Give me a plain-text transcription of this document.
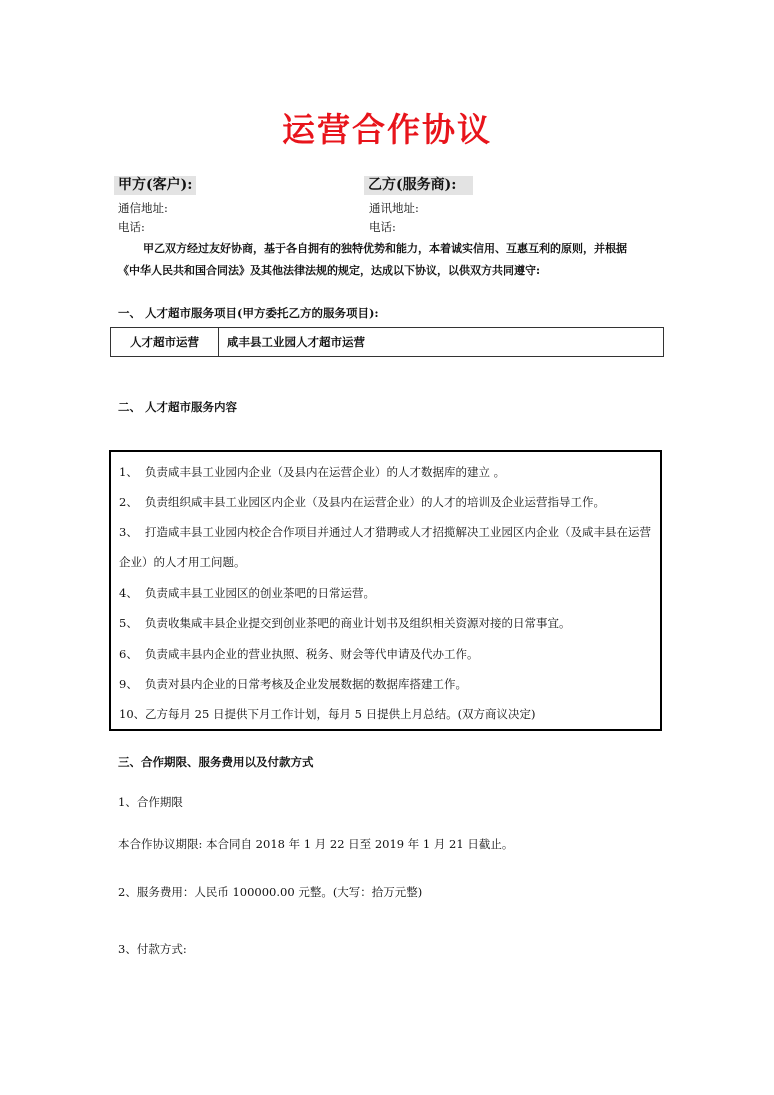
运营合作协议
甲方(客户):	乙方(服务商):
通信地址:	通讯地址:
电话:	电话:
甲乙双方经过友好协商，基于各自拥有的独特优势和能力，本着诚实信用、互惠互利的原则，并根据
《中华人民共和国合同法》及其他法律法规的规定，达成以下协议，以供双方共同遵守:
一、 人才超市服务项目(甲方委托乙方的服务项目):
人才超市运营	咸丰县工业园人才超市运营
二、 人才超市服务内容
1、 负责咸丰县工业园内企业（及县内在运营企业）的人才数据库的建立 。
2、 负责组织咸丰县工业园区内企业（及县内在运营企业）的人才的培训及企业运营指导工作。
3、 打造咸丰县工业园内校企合作项目并通过人才猎聘或人才招揽解决工业园区内企业（及咸丰县在运营
企业）的人才用工问题。
4、 负责咸丰县工业园区的创业茶吧的日常运营。
5、 负责收集咸丰县企业提交到创业茶吧的商业计划书及组织相关资源对接的日常事宜。
6、 负责咸丰县内企业的营业执照、税务、财会等代申请及代办工作。
9、 负责对县内企业的日常考核及企业发展数据的数据库搭建工作。
10、 乙方每月 25 日提供下月工作计划，每月 5 日提供上月总结。(双方商议决定)
三、合作期限、服务费用以及付款方式
1、合作期限
本合作协议期限: 本合同自 2018 年 1 月 22 日至 2019 年 1 月 21 日截止。
2、服务费用：人民币 100000.00 元整。(大写：拾万元整)
3、付款方式:
